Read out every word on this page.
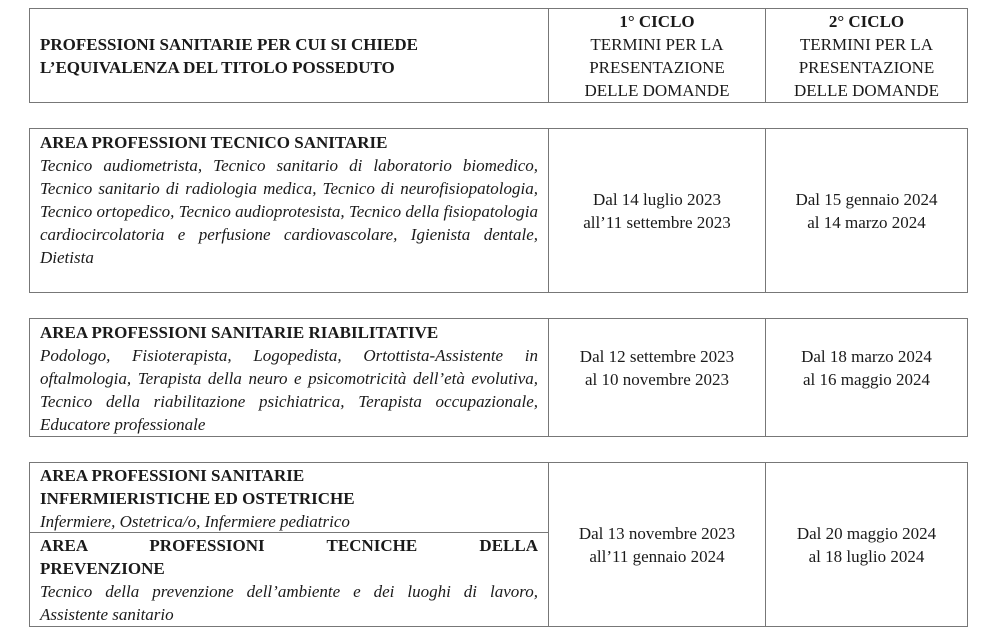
PROFESSIONI SANITARIE PER CUI SI CHIEDE
L’EQUIVALENZA DEL TITOLO POSSEDUTO
1° CICLO
TERMINI PER LA
PRESENTAZIONE
DELLE DOMANDE
2° CICLO
TERMINI PER LA
PRESENTAZIONE
DELLE DOMANDE
AREA PROFESSIONI TECNICO SANITARIE
Tecnico audiometrista, Tecnico sanitario di laboratorio biomedico, Tecnico sanitario di radiologia medica, Tecnico di neurofisiopatologia, Tecnico ortopedico, Tecnico audioprotesista, Tecnico della fisiopatologia cardiocircolatoria e perfusione cardiovascolare, Igienista dentale, Dietista
Dal 14 luglio 2023
all’11 settembre 2023
Dal 15 gennaio 2024
al 14 marzo 2024
AREA PROFESSIONI SANITARIE RIABILITATIVE
Podologo, Fisioterapista, Logopedista, Ortottista-Assistente in oftalmologia, Terapista della neuro e psicomotricità dell’età evolutiva, Tecnico della riabilitazione psichiatrica, Terapista occupazionale, Educatore professionale
Dal 12 settembre 2023
al 10 novembre 2023
Dal 18 marzo 2024
al 16 maggio 2024
AREA PROFESSIONI SANITARIE
INFERMIERISTICHE ED OSTETRICHE
Infermiere, Ostetrica/o, Infermiere pediatrico
AREA PROFESSIONI TECNICHE DELLA
PREVENZIONE
Tecnico della prevenzione dell’ambiente e dei luoghi di lavoro, Assistente sanitario
Dal 13 novembre 2023
all’11 gennaio 2024
Dal 20 maggio 2024
al 18 luglio 2024
